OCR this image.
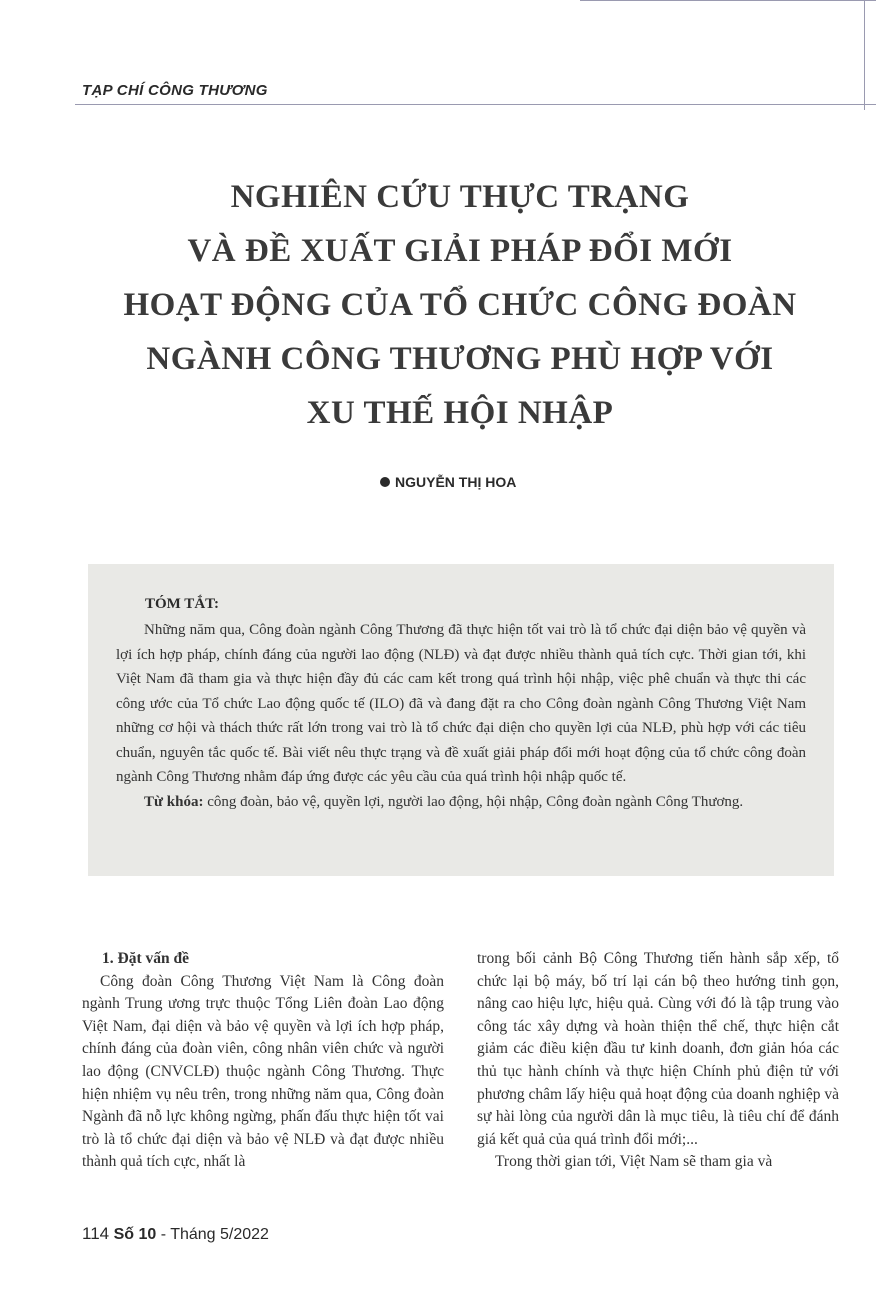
TẠP CHÍ CÔNG THƯƠNG
NGHIÊN CỨU THỰC TRẠNG
VÀ ĐỀ XUẤT GIẢI PHÁP ĐỔI MỚI
HOẠT ĐỘNG CỦA TỔ CHỨC CÔNG ĐOÀN
NGÀNH CÔNG THƯƠNG PHÙ HỢP VỚI
XU THẾ HỘI NHẬP
NGUYỄN THỊ HOA
TÓM TẮT:

Những năm qua, Công đoàn ngành Công Thương đã thực hiện tốt vai trò là tổ chức đại diện bảo vệ quyền và lợi ích hợp pháp, chính đáng của người lao động (NLĐ) và đạt được nhiều thành quả tích cực. Thời gian tới, khi Việt Nam đã tham gia và thực hiện đầy đủ các cam kết trong quá trình hội nhập, việc phê chuẩn và thực thi các công ước của Tổ chức Lao động quốc tế (ILO) đã và đang đặt ra cho Công đoàn ngành Công Thương Việt Nam những cơ hội và thách thức rất lớn trong vai trò là tổ chức đại diện cho quyền lợi của NLĐ, phù hợp với các tiêu chuẩn, nguyên tắc quốc tế. Bài viết nêu thực trạng và đề xuất giải pháp đổi mới hoạt động của tổ chức công đoàn ngành Công Thương nhằm đáp ứng được các yêu cầu của quá trình hội nhập quốc tế.

Từ khóa: công đoàn, bảo vệ, quyền lợi, người lao động, hội nhập, Công đoàn ngành Công Thương.

1. Đặt vấn đề

Công đoàn Công Thương Việt Nam là Công đoàn ngành Trung ương trực thuộc Tổng Liên đoàn Lao động Việt Nam, đại diện và bảo vệ quyền và lợi ích hợp pháp, chính đáng của đoàn viên, công nhân viên chức và người lao động (CNVCLĐ) thuộc ngành Công Thương. Thực hiện nhiệm vụ nêu trên, trong những năm qua, Công đoàn Ngành đã nỗ lực không ngừng, phấn đấu thực hiện tốt vai trò là tổ chức đại diện và bảo vệ NLĐ và đạt được nhiều thành quả tích cực, nhất là

trong bối cảnh Bộ Công Thương tiến hành sắp xếp, tổ chức lại bộ máy, bố trí lại cán bộ theo hướng tinh gọn, nâng cao hiệu lực, hiệu quả. Cùng với đó là tập trung vào công tác xây dựng và hoàn thiện thể chế, thực hiện cắt giảm các điều kiện đầu tư kinh doanh, đơn giản hóa các thủ tục hành chính và thực hiện Chính phủ điện tử với phương châm lấy hiệu quả hoạt động của doanh nghiệp và sự hài lòng của người dân là mục tiêu, là tiêu chí để đánh giá kết quả của quá trình đổi mới;...

Trong thời gian tới, Việt Nam sẽ tham gia và

114 Số 10 - Tháng 5/2022
